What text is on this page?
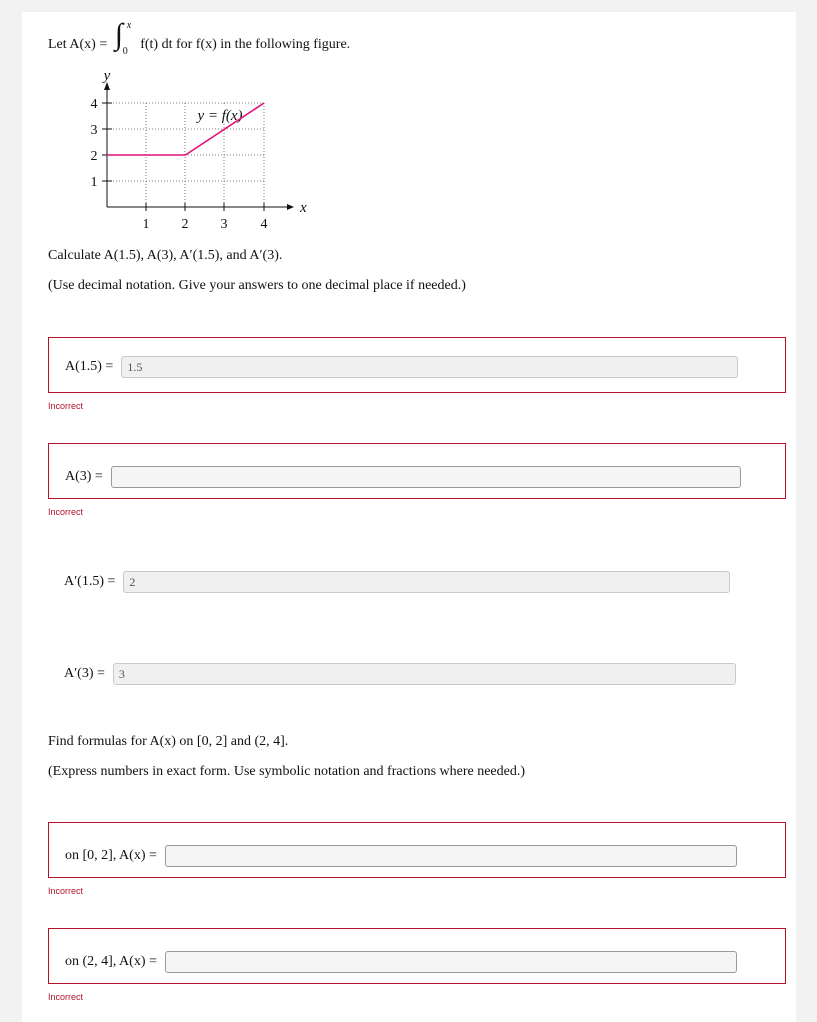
Let A(x) = ∫ x
0 f(t) dt for f(x) in the following figure.
1 2 3 4
1
2
3
4
x
y
y = f(x)
Calculate A(1.5), A(3), A′(1.5), and A′(3).
(Use decimal notation. Give your answers to one decimal place if needed.)
A(1.5) =	1.5
Incorrect
A(3) =
Incorrect
A′(1.5) =	2
A′(3) =	3
Find formulas for A(x) on [0, 2] and (2, 4].
(Express numbers in exact form. Use symbolic notation and fractions where needed.)
on [0, 2], A(x) =
Incorrect
on (2, 4], A(x) =
Incorrect
